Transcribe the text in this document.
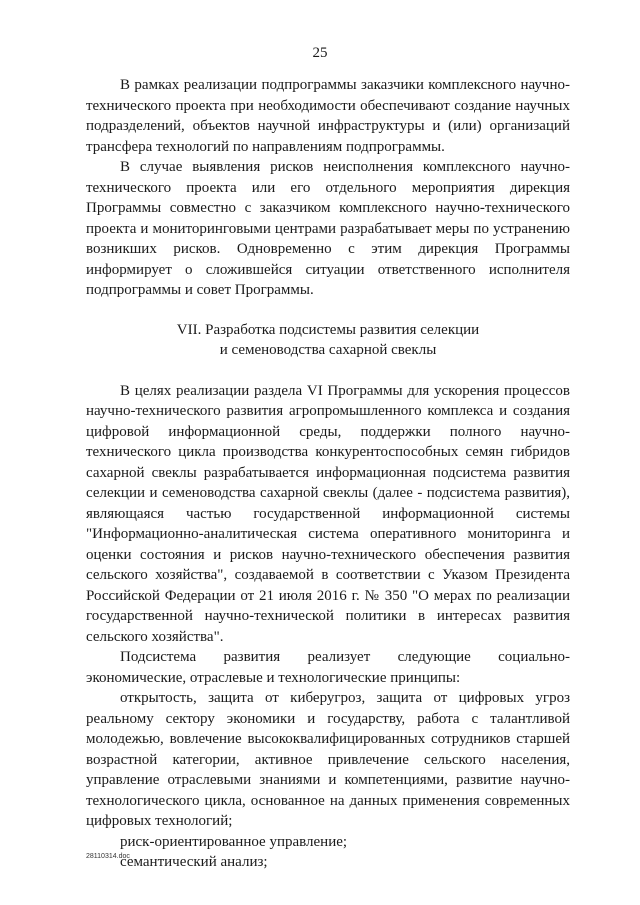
25

В рамках реализации подпрограммы заказчики комплексного научно-технического проекта при необходимости обеспечивают создание научных подразделений, объектов научной инфраструктуры и (или) организаций трансфера технологий по направлениям подпрограммы.

В случае выявления рисков неисполнения комплексного научно-технического проекта или его отдельного мероприятия дирекция Программы совместно с заказчиком комплексного научно-технического проекта и мониторинговыми центрами разрабатывает меры по устранению возникших рисков. Одновременно с этим дирекция Программы информирует о сложившейся ситуации ответственного исполнителя подпрограммы и совет Программы.

VII. Разработка подсистемы развития селекции
и семеноводства сахарной свеклы

В целях реализации раздела VI Программы для ускорения процессов научно-технического развития агропромышленного комплекса и создания цифровой информационной среды, поддержки полного научно-технического цикла производства конкурентоспособных семян гибридов сахарной свеклы разрабатывается информационная подсистема развития селекции и семеноводства сахарной свеклы (далее - подсистема развития), являющаяся частью государственной информационной системы "Информационно-аналитическая система оперативного мониторинга и оценки состояния и рисков научно-технического обеспечения развития сельского хозяйства", создаваемой в соответствии с Указом Президента Российской Федерации от 21 июля 2016 г. № 350 "О мерах по реализации государственной научно-технической политики в интересах развития сельского хозяйства".

Подсистема развития реализует следующие социально-экономические, отраслевые и технологические принципы:

открытость, защита от киберугроз, защита от цифровых угроз реальному сектору экономики и государству, работа с талантливой молодежью, вовлечение высококвалифицированных сотрудников старшей возрастной категории, активное привлечение сельского населения, управление отраслевыми знаниями и компетенциями, развитие научно-технологического цикла, основанное на данных применения современных цифровых технологий;

риск-ориентированное управление;

семантический анализ;

28110314.doc
